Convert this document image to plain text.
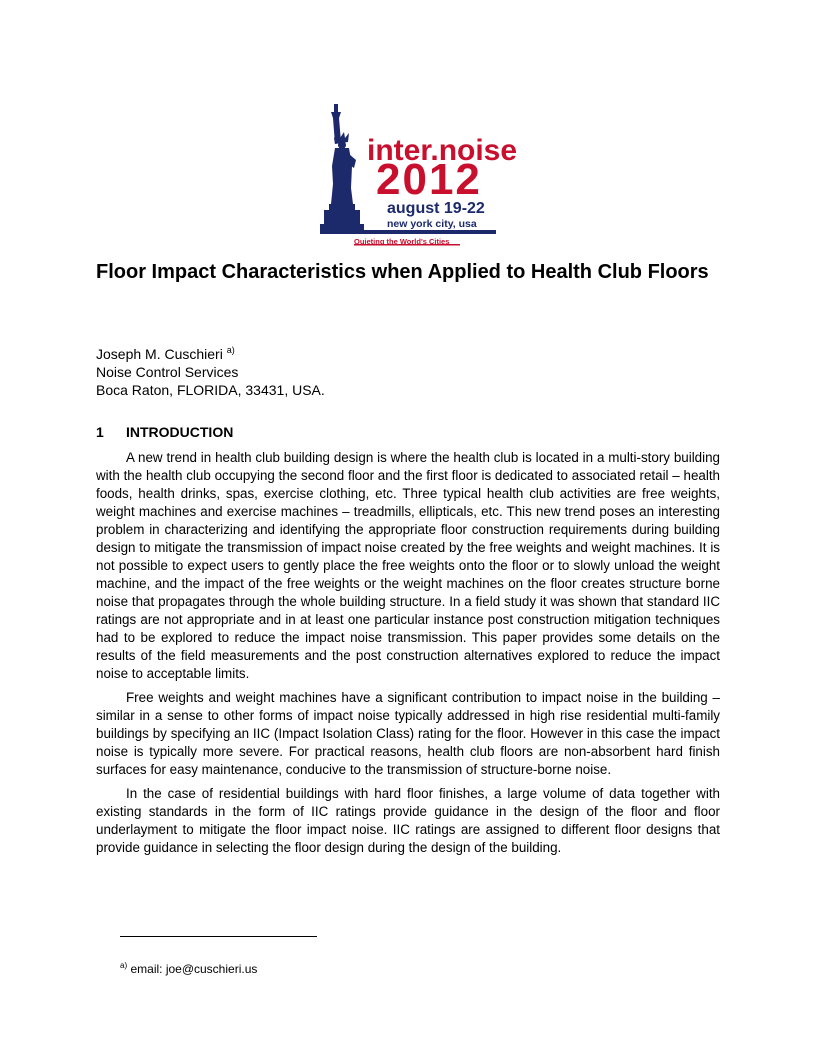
inter.noise
2012
august 19-22
new york city, usa
Quieting the World's Cities
Floor Impact Characteristics when Applied to Health Club Floors
Joseph M. Cuschieri $^{a)}$
Noise Control Services
Boca Raton, FLORIDA, 33431, USA.
1 INTRODUCTION

A new trend in health club building design is where the health club is located in a multi-story building with the health club occupying the second floor and the first floor is dedicated to associated retail – health foods, health drinks, spas, exercise clothing, etc. Three typical health club activities are free weights, weight machines and exercise machines – treadmills, ellipticals, etc. This new trend poses an interesting problem in characterizing and identifying the appropriate floor construction requirements during building design to mitigate the transmission of impact noise created by the free weights and weight machines. It is not possible to expect users to gently place the free weights onto the floor or to slowly unload the weight machine, and the impact of the free weights or the weight machines on the floor creates structure borne noise that propagates through the whole building structure. In a field study it was shown that standard IIC ratings are not appropriate and in at least one particular instance post construction mitigation techniques had to be explored to reduce the impact noise transmission. This paper provides some details on the results of the field measurements and the post construction alternatives explored to reduce the impact noise to acceptable limits.

Free weights and weight machines have a significant contribution to impact noise in the building – similar in a sense to other forms of impact noise typically addressed in high rise residential multi-family buildings by specifying an IIC (Impact Isolation Class) rating for the floor. However in this case the impact noise is typically more severe. For practical reasons, health club floors are non-absorbent hard finish surfaces for easy maintenance, conducive to the transmission of structure-borne noise.

In the case of residential buildings with hard floor finishes, a large volume of data together with existing standards in the form of IIC ratings provide guidance in the design of the floor and floor underlayment to mitigate the floor impact noise. IIC ratings are assigned to different floor designs that provide guidance in selecting the floor design during the design of the building.

$^{a)}$ email: joe@cuschieri.us
